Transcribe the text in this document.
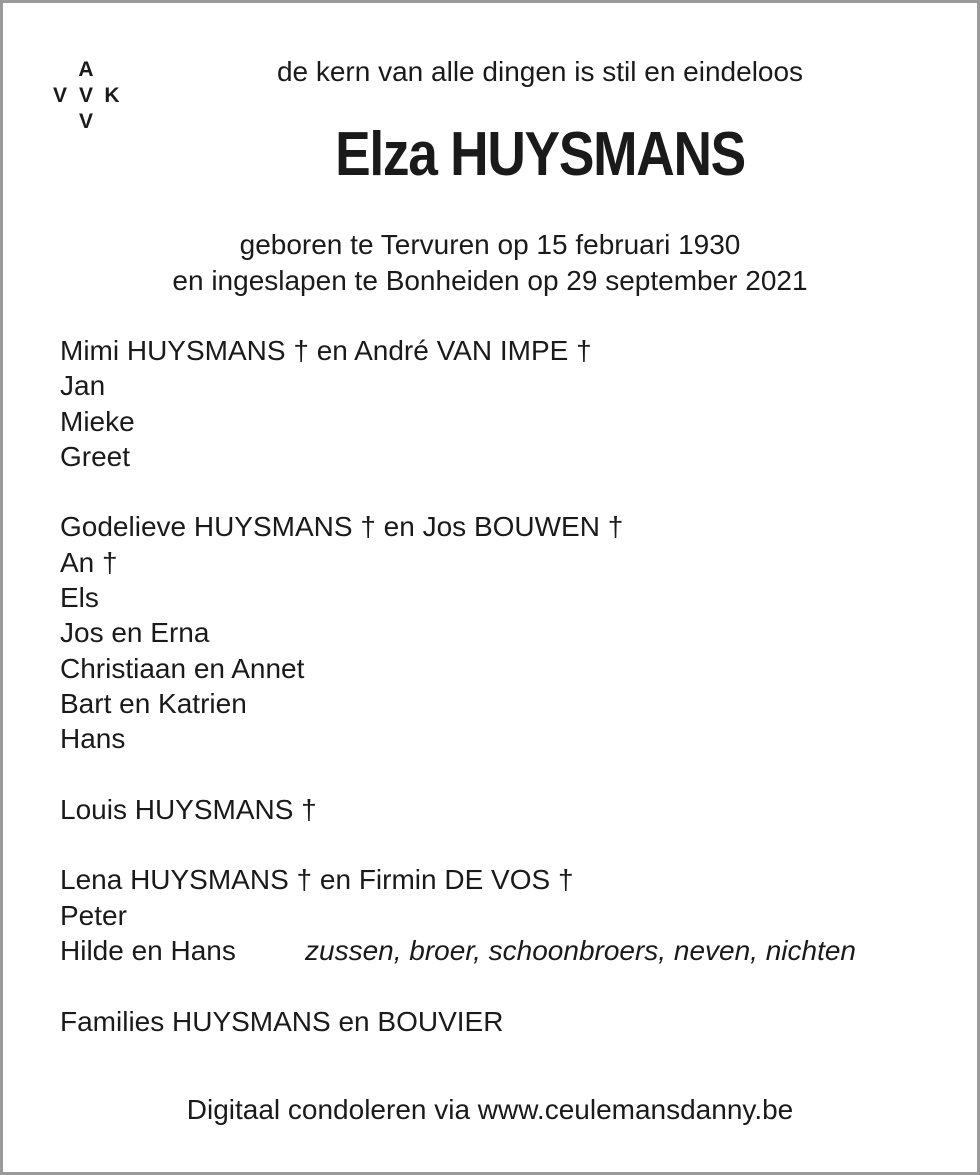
A
V V K
V
de kern van alle dingen is stil en eindeloos
Elza HUYSMANS
geboren te Tervuren op 15 februari 1930
en ingeslapen te Bonheiden op 29 september 2021
Mimi HUYSMANS † en André VAN IMPE †
Jan
Mieke
Greet
Godelieve HUYSMANS † en Jos BOUWEN †
An †
Els
Jos en Erna
Christiaan en Annet
Bart en Katrien
Hans
Louis HUYSMANS †
Lena HUYSMANS † en Firmin DE VOS †
Peter
Hilde en Hans
Families HUYSMANS en BOUVIER
zussen, broer, schoonbroers, neven, nichten
Digitaal condoleren via www.ceulemansdanny.be
